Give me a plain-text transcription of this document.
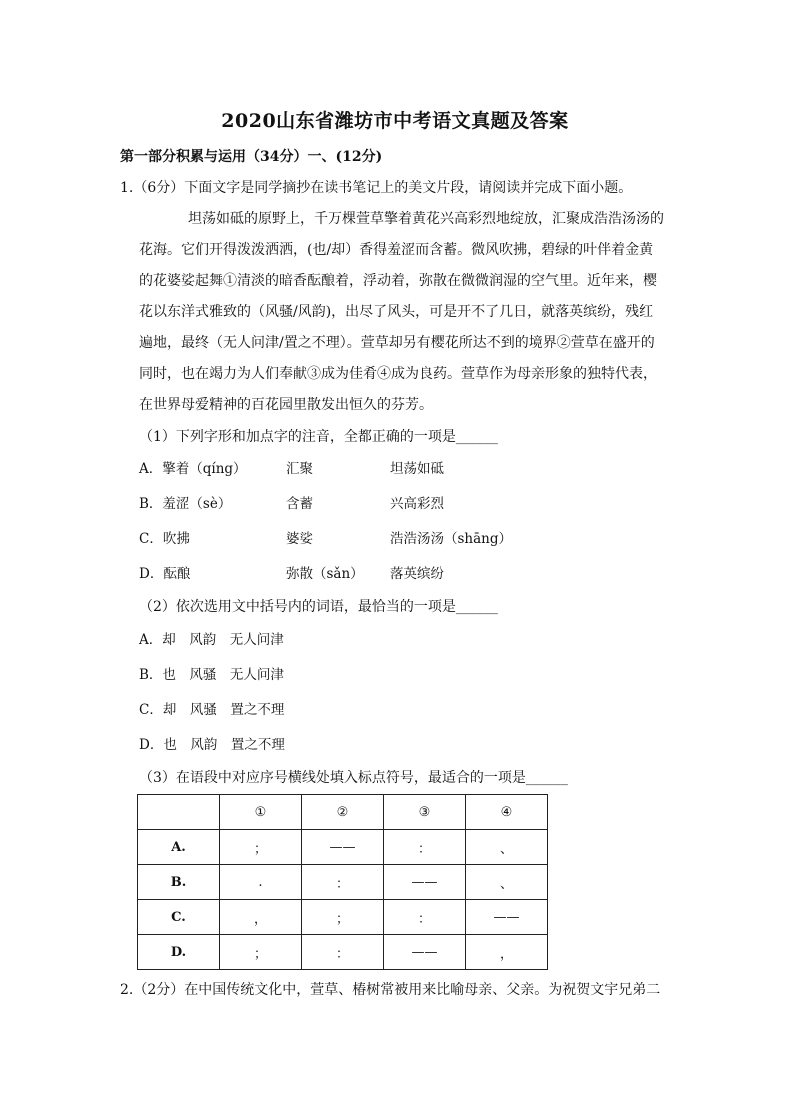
2020山东省潍坊市中考语文真题及答案
第一部分积累与运用（34分）一、(12分)
1.（6分）下面文字是同学摘抄在读书笔记上的美文片段，请阅读并完成下面小题。
坦荡如砥的原野上，千万棵萱草擎着黄花兴高彩烈地绽放，汇聚成浩浩汤汤的
花海。它们开得泼泼洒洒，(也/却）香得羞涩而含蓄。微风吹拂，碧绿的叶伴着金黄
的花婆娑起舞①清淡的暗香酝酿着，浮动着，弥散在微微润湿的空气里。近年来，樱
花以东洋式雅致的（风骚/风韵)，出尽了风头，可是开不了几日，就落英缤纷，残红
遍地，最终（无人问津/置之不理）。萱草却另有樱花所达不到的境界②萱草在盛开的
同时，也在竭力为人们奉献③成为佳肴④成为良药。萱草作为母亲形象的独特代表，
在世界母爱精神的百花园里散发出恒久的芬芳。
（1）下列字形和加点字的注音，全都正确的一项是______
A．擎着（qíng）	汇聚	坦荡如砥
B．羞涩（sè）	含蓄	兴高彩烈
C．吹拂	婆娑	浩浩汤汤（shāng）
D．酝酿	弥散（sǎn） 落英缤纷
（2）依次选用文中括号内的词语，最恰当的一项是______
A．却　风韵　无人问津
B．也　风骚　无人问津
C．却　风骚　置之不理
D．也　风韵　置之不理
（3）在语段中对应序号横线处填入标点符号，最适合的一项是______
	①	②	③	④
A.	；	——	：	、
B.	.	：	——	、
C.	，	；	：	——
D.	；	：	——	，
2.（2分）在中国传统文化中，萱草、椿树常被用来比喻母亲、父亲。为祝贺文宇兄弟二
